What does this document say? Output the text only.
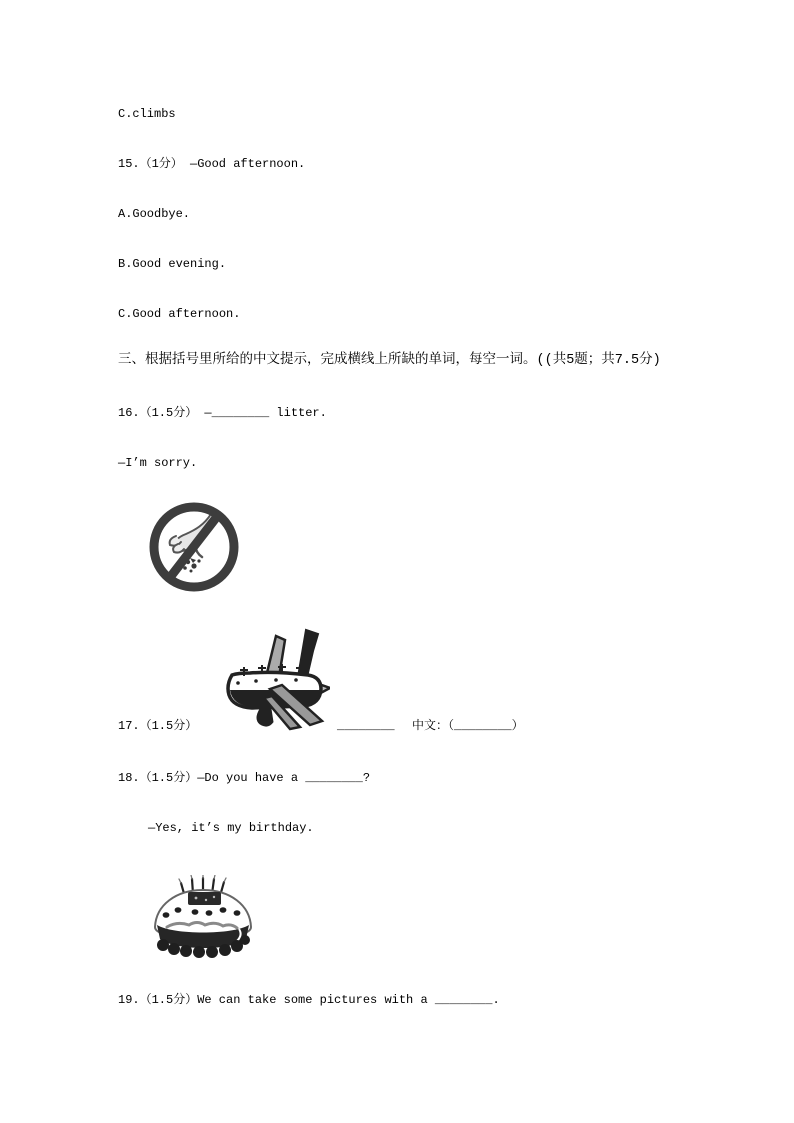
C.climbs
15.（1分） —Good afternoon.
A.Goodbye.
B.Good evening.
C.Good afternoon.
三、根据括号里所给的中文提示，完成横线上所缺的单词，每空一词。((共5题；共7.5分)
16.（1.5分） —________ litter.
—I’m sorry.
17.（1.5分）	________ 中文：（________）
18.（1.5分）—Do you have a ________?
—Yes, it’s my birthday.
19.（1.5分）We can take some pictures with a ________.
